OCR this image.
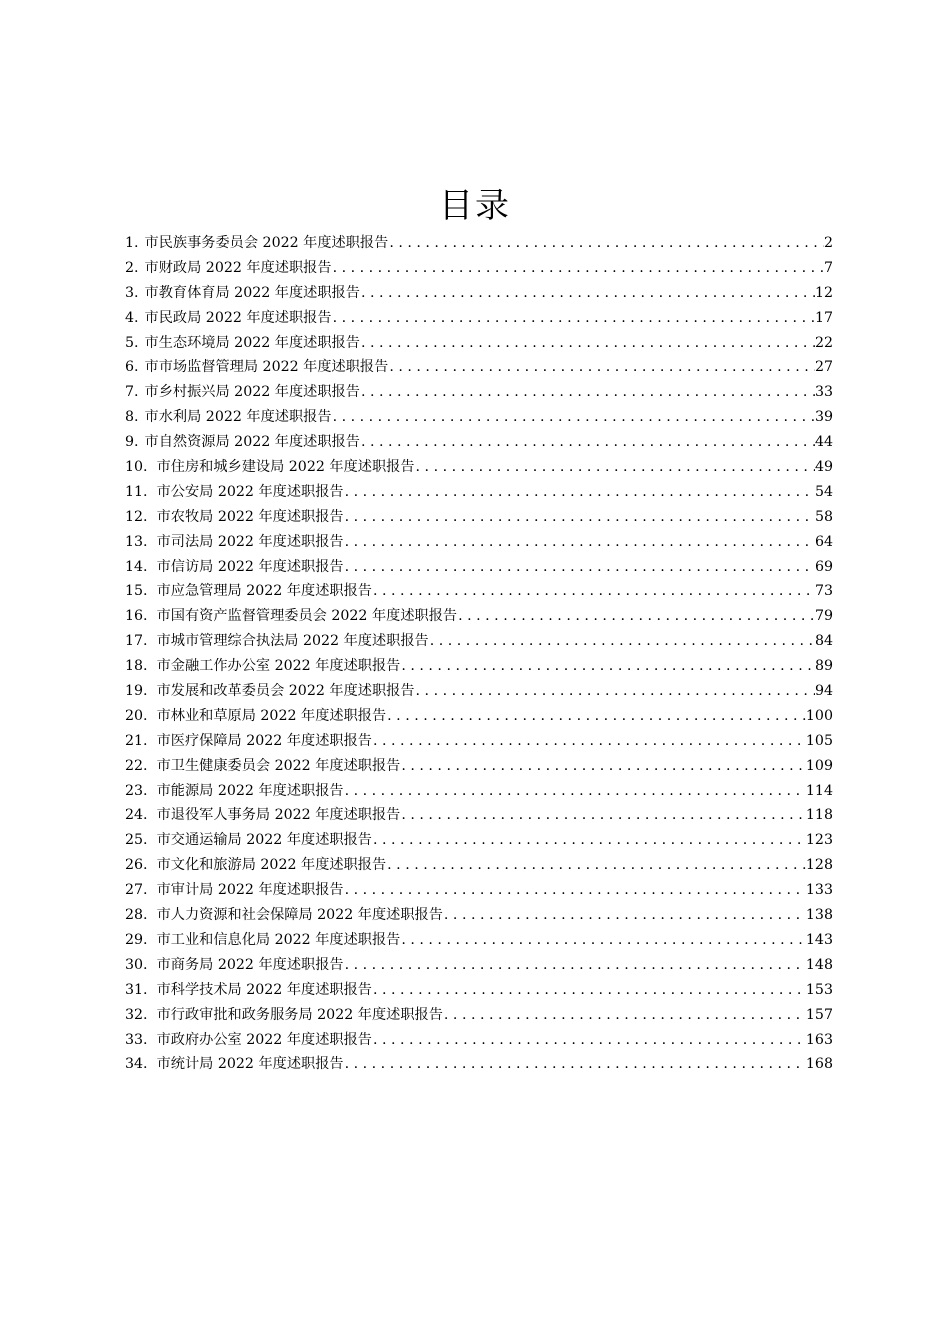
目录
1. 市民族事务委员会 2022 年度述职报告 . . .	2
2. 市财政局 2022 年度述职报告 . . .	7
3. 市教育体育局 2022 年度述职报告 . . .	12
4. 市民政局 2022 年度述职报告 . . .	17
5. 市生态环境局 2022 年度述职报告 . . .	22
6. 市市场监督管理局 2022 年度述职报告 . . .	27
7. 市乡村振兴局 2022 年度述职报告 . . .	33
8. 市水利局 2022 年度述职报告 . . .	39
9. 市自然资源局 2022 年度述职报告 . . .	44
10. 市住房和城乡建设局 2022 年度述职报告 . . .	49
11. 市公安局 2022 年度述职报告 . . .	54
12. 市农牧局 2022 年度述职报告 . . .	58
13. 市司法局 2022 年度述职报告 . . .	64
14. 市信访局 2022 年度述职报告 . . .	69
15. 市应急管理局 2022 年度述职报告 . . .	73
16. 市国有资产监督管理委员会 2022 年度述职报告 . . .	79
17. 市城市管理综合执法局 2022 年度述职报告 . . .	84
18. 市金融工作办公室 2022 年度述职报告 . . .	89
19. 市发展和改革委员会 2022 年度述职报告 . . .	94
20. 市林业和草原局 2022 年度述职报告 . . .	100
21. 市医疗保障局 2022 年度述职报告 . . .	105
22. 市卫生健康委员会 2022 年度述职报告 . . .	109
23. 市能源局 2022 年度述职报告 . . .	114
24. 市退役军人事务局 2022 年度述职报告 . . .	118
25. 市交通运输局 2022 年度述职报告 . . .	123
26. 市文化和旅游局 2022 年度述职报告 . . .	128
27. 市审计局 2022 年度述职报告 . . .	133
28. 市人力资源和社会保障局 2022 年度述职报告 . . .	138
29. 市工业和信息化局 2022 年度述职报告 . . .	143
30. 市商务局 2022 年度述职报告 . . .	148
31. 市科学技术局 2022 年度述职报告 . . .	153
32. 市行政审批和政务服务局 2022 年度述职报告 . . .	157
33. 市政府办公室 2022 年度述职报告 . . .	163
34. 市统计局 2022 年度述职报告 . . .	168
